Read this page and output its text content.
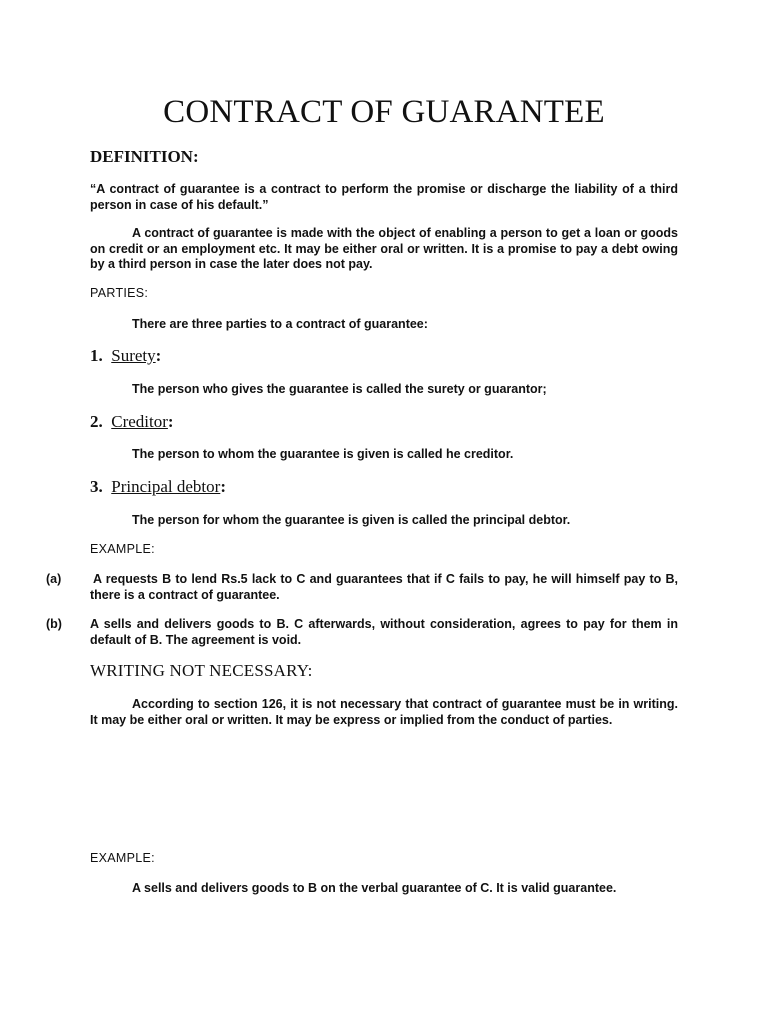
CONTRACT OF GUARANTEE
DEFINITION:
“A contract of guarantee is a contract to perform the promise or discharge the liability of a third person in case of his default.”
A contract of guarantee is made with the object of enabling a person to get a loan or goods on credit or an employment etc. It may be either oral or written. It is a promise to pay a debt owing by a third person in case the later does not pay.
PARTIES:
There are three parties to a contract of guarantee:
1. Surety:
The person who gives the guarantee is called the surety or guarantor;
2. Creditor:
The person to whom the guarantee is given is called he creditor.
3. Principal debtor:
The person for whom the guarantee is given is called the principal debtor.
EXAMPLE:
(a)	A requests B to lend Rs.5 lack to C and guarantees that if C fails to pay, he will himself pay to B, there is a contract of guarantee.
(b) A sells and delivers goods to B. C afterwards, without consideration, agrees to pay for them in default of B. The agreement is void.
WRITING NOT NECESSARY:
According to section 126, it is not necessary that contract of guarantee must be in writing. It may be either oral or written. It may be express or implied from the conduct of parties.
EXAMPLE:
A sells and delivers goods to B on the verbal guarantee of C. It is valid guarantee.
